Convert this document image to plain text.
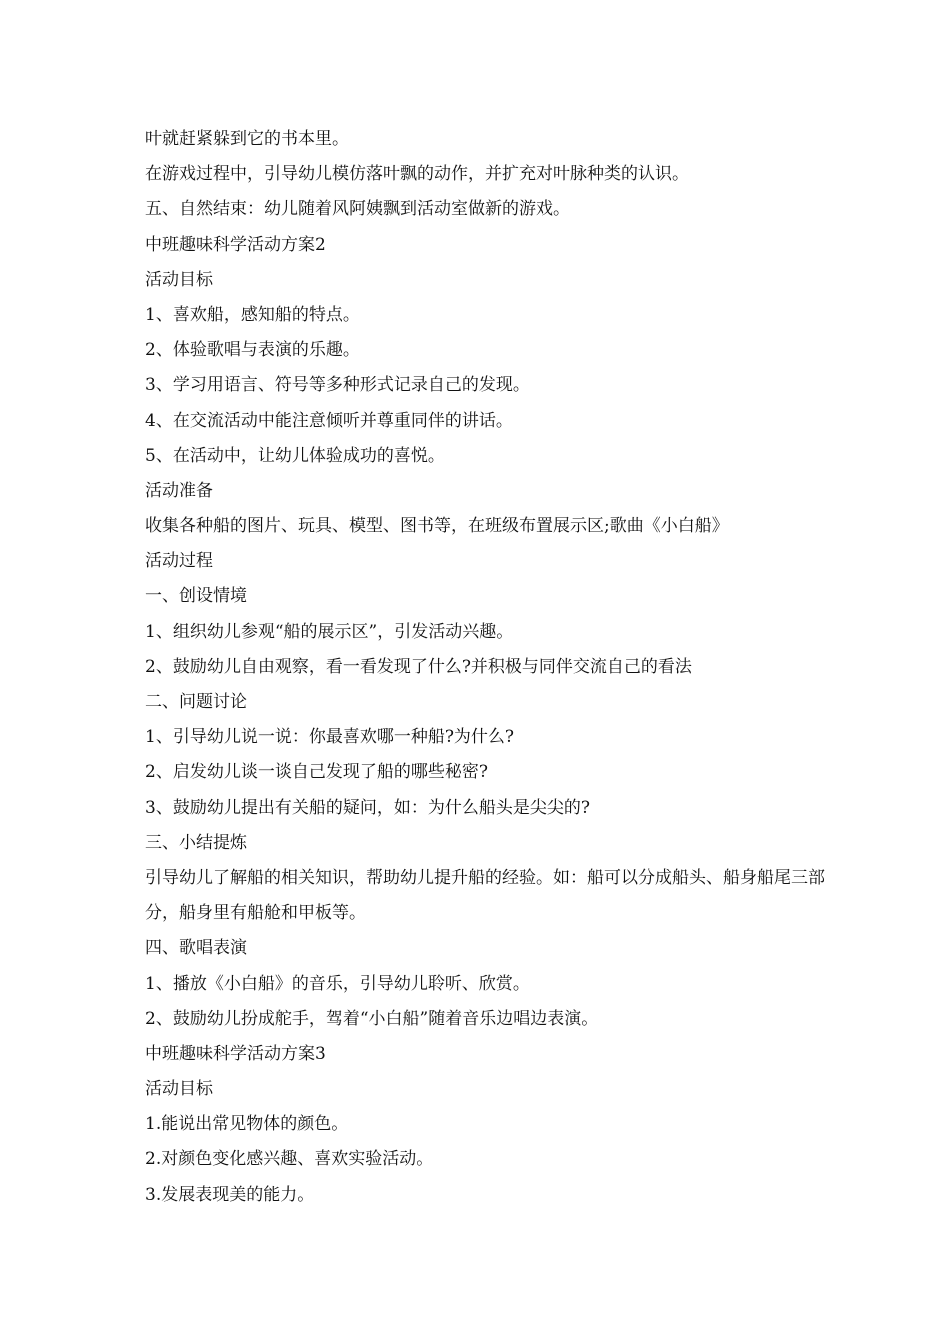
叶就赶紧躲到它的书本里。
在游戏过程中，引导幼儿模仿落叶飘的动作，并扩充对叶脉种类的认识。
五、自然结束：幼儿随着风阿姨飘到活动室做新的游戏。
中班趣味科学活动方案2
活动目标
1、喜欢船，感知船的特点。
2、体验歌唱与表演的乐趣。
3、学习用语言、符号等多种形式记录自己的发现。
4、在交流活动中能注意倾听并尊重同伴的讲话。
5、在活动中，让幼儿体验成功的喜悦。
活动准备
收集各种船的图片、玩具、模型、图书等，在班级布置展示区;歌曲《小白船》
活动过程
一、创设情境
1、组织幼儿参观“船的展示区”，引发活动兴趣。
2、鼓励幼儿自由观察，看一看发现了什么?并积极与同伴交流自己的看法
二、问题讨论
1、引导幼儿说一说：你最喜欢哪一种船?为什么?
2、启发幼儿谈一谈自己发现了船的哪些秘密?
3、鼓励幼儿提出有关船的疑问，如：为什么船头是尖尖的?
三、小结提炼
引导幼儿了解船的相关知识，帮助幼儿提升船的经验。如：船可以分成船头、船身船尾三部分，船身里有船舱和甲板等。
四、歌唱表演
1、播放《小白船》的音乐，引导幼儿聆听、欣赏。
2、鼓励幼儿扮成舵手，驾着“小白船”随着音乐边唱边表演。
中班趣味科学活动方案3
活动目标
1.能说出常见物体的颜色。
2.对颜色变化感兴趣、喜欢实验活动。
3.发展表现美的能力。
